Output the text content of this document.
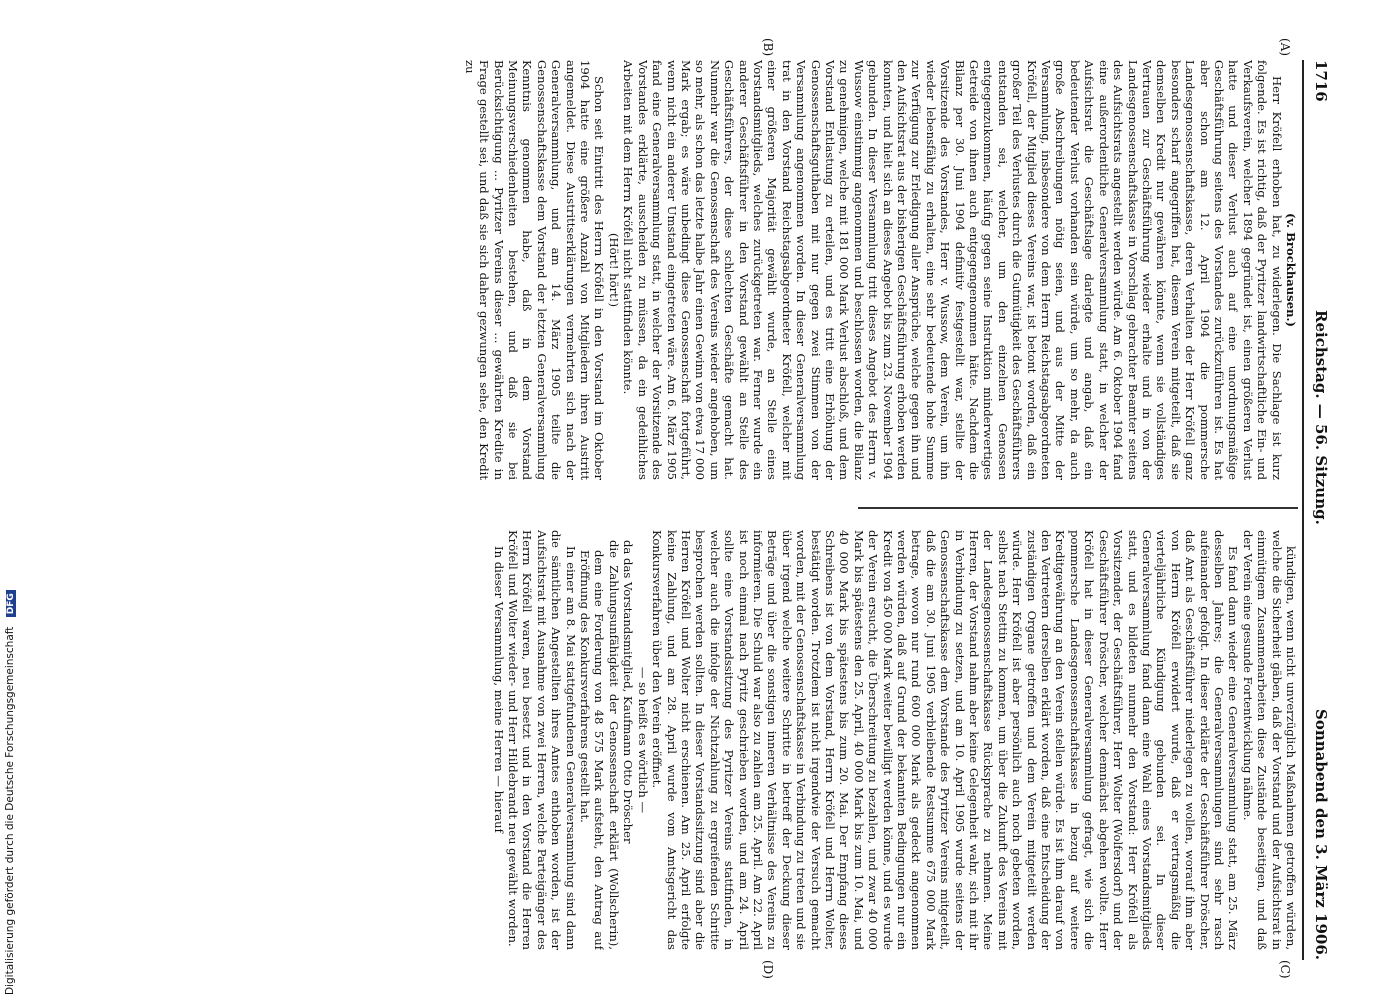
1716
Reichstag. — 56. Sitzung.
Sonnabend den 3. März 1906.
(A)
(B)
(C)
(D)

(v. Brockhausen.)

Herr Kröfell erhoben hat, zu widerlegen. Die Sachlage ist kurz folgende. Es ist richtig, daß der Pyritzer landwirtschaftliche Ein- und Verkaufsverein, welcher 1894 gegründet ist, einen größeren Verlust hatte und dieser Verlust auch auf eine unordnungsmäßige Geschäftsführung seitens des Vorstandes zurückzuführen ist. Es hat aber schon am 12. April 1904 die pommersche Landesgenossenschaftskasse, deren Verhalten der Herr Kröfell ganz besonders scharf angegriffen hat, diesem Verein mitgeteilt, daß sie demselben Kredit nur gewähren könnte, wenn sie vollständiges Vertrauen zur Geschäftsführung wieder erhalte und in von der Landesgenossenschaftskasse in Vorschlag gebrachter Beamter seitens des Aufsichtsrats angestellt werden würde. Am 6. Oktober 1904 fand eine außerordentliche Generalversammlung statt, in welcher der Aufsichtsrat die Geschäftslage darlegte und angab, daß ein bedeutender Verlust vorhanden sein würde, um so mehr, da auch große Abschreibungen nötig seien, und aus der Mitte der Versammlung, insbesondere von dem Herrn Reichstagsabgeordneten Kröfell, der Mitglied dieses Vereins war, ist betont worden, daß ein großer Teil des Verlustes durch die Gutmütigkeit des Geschäftsführers entstanden sei, welcher, um den einzelnen Genossen entgegenzukommen, häufig gegen seine Instruktion minderwertiges Getreide von ihnen auch entgegengenommen hätte. Nachdem die Bilanz per 30. Juni 1904 definitiv festgestellt war, stellte der Vorsitzende des Vorstandes, Herr v. Wussow, dem Verein, um ihn wieder lebensfähig zu erhalten, eine sehr bedeutende hohe Summe zur Verfügung zur Erledigung aller Ansprüche, welche gegen ihn und den Aufsichtsrat aus der bisherigen Geschäftsführung erhoben werden konnten, und hielt sich an dieses Angebot bis zum 23. November 1904 gebunden. In dieser Versammlung tritt dieses Angebot des Herrn v. Wussow einstimmig angenommen und beschlossen worden, die Bilanz zu genehmigen, welche mit 181 000 Mark Verlust abschloß, und dem Vorstand Entlastung zu erteilen, und es tritt eine Erhöhung der Genossenschaftsguthaben mit nur gegen zwei Stimmen von der Versammlung angenommen worden. In dieser Generalversammlung trat in den Vorstand Reichstagsabgeordneter Kröfell, welcher mit einer größeren Majorität gewählt wurde, an Stelle eines Vorstandsmitglieds, welches zurückgetreten war. Ferner wurde ein anderer Geschäftsführer in den Vorstand gewählt an Stelle des Geschäftsführers, der diese schlechten Geschäfte gemacht hat. Nunmehr war die Genossenschaft des Vereins wieder angehoben, um so mehr, als schon das letzte halbe Jahr einen Gewinn von etwa 17 000 Mark ergab; es wäre unbedingt diese Genossenschaft fortgeführt, wenn nicht ein anderer Umstand eingetreten wäre. Am 6. März 1905 fand eine Generalversammlung statt, in welcher der Vorsitzende des Vorstandes erklärte, ausscheiden zu müssen, da ein gedeihliches Arbeiten mit dem Herrn Kröfell nicht stattfinden könnte.

(Hört! hört!)

Schon seit Eintritt des Herrn Kröfell in den Vorstand im Oktober 1904 hatte eine größere Anzahl von Mitgliedern ihren Austritt angemeldet. Diese Austrittserklärungen vermehrten sich nach der Generalversammlung, und am 14. März 1905 teilte die Genossenschaftskasse dem Vorstand der letzten Generalversammlung Kenntnis genommen habe, daß in dem Vorstand Meinungsverschiedenheiten bestehen, und daß sie bei Berücksichtigung ... Pyritzer Vereins dieser ... gewährten Kredite in Frage gestellt sei, und daß sie sich daher gezwungen sehe, den Kredit zu

kündigen, wenn nicht unverzüglich Maßnahmen getroffen würden, welche die Sicherheit gäben, daß der Vorstand und der Aufsichtsrat in einmütigem Zusammenarbeiten diese Zustände beseitigen, und daß der Verein eine gesunde Fortentwicklung nähme.

Es fand dann wieder eine Generalversammlung statt, am 25. März desselben Jahres; die Generalversammlungen sind sehr rasch aufeinander gefolgt. In dieser erklärte der Geschäftsführer Dröscher, daß Amt als Geschäftsführer niederlegen zu wollen, worauf ihm aber von Herrn Kröfell erwidert wurde, daß er vertragsmäßig die vierteljährliche Kündigung gebunden sei. In dieser Generalversammlung fand dann eine Wahl eines Vorstandsmitglieds statt, und es bildeten nunmehr den Vorstand: Herr Kröfell als Vorsitzender, der Geschäftsführer, Herr Wolter (Wolfersdorf) und der Geschäftsführer Dröscher, welcher demnächst abgehen wollte. Herr Kröfell hat in dieser Generalversammlung gefragt, wie sich die pommersche Landesgenossenschaftskasse in bezug auf weitere Kreditgewährung an den Verein stellen würde. Es ist ihm darauf von den Vertretern derselben erklärt worden, daß eine Entscheidung der zuständigen Organe getroffen und dem Verein mitgeteilt werden würde. Herr Kröfell ist aber persönlich auch noch gebeten worden, selbst nach Stettin zu kommen, um über die Zukunft des Vereins mit der Landesgenossenschaftskasse Rücksprache zu nehmen. Meine Herren, der Vorstand nahm aber keine Gelegenheit wahr, sich mit ihr in Verbindung zu setzen, und am 10. April 1905 wurde seitens der Genossenschaftskasse dem Vorstande des Pyritzer Vereins mitgeteilt, daß die am 30. Juni 1905 verbleibende Restsumme 675 000 Mark betrage, wovon nur rund 600 000 Mark als gedeckt angenommen werden würden, daß auf Grund der bekannten Bedingungen nur ein Kredit von 450 000 Mark weiter bewilligt werden könne, und es wurde der Verein ersucht, die Überschreitung zu bezahlen, und zwar 40 000 Mark bis spätestens den 25. April, 40 000 Mark bis zum 10. Mai, und 40 000 Mark bis spätestens bis zum 20. Mai. Der Empfang dieses Schreibens ist von dem Vorstand, Herrn Kröfell und Herrn Wolter, bestätigt worden. Trotzdem ist nicht irgendwie der Versuch gemacht worden, mit der Genossenschaftskasse in Verbindung zu treten und sie über irgend welche weitere Schritte in betreff der Deckung dieser Beträge und über die sonstigen inneren Verhältnisse des Vereins zu informieren. Die Schuld war also zu zahlen am 25. April. Am 22. April ist noch einmal nach Pyritz geschrieben worden, und am 24. April sollte eine Vorstandssitzung des Pyritzer Vereins stattfinden, in welcher auch die infolge der Nichtzahlung zu ergreifenden Schritte besprochen werden sollten. In dieser Vorstandssitzung sind aber die Herren Kröfell und Wolter nicht erschienen. Am 25. April erfolgte keine Zahlung, und am 28. April wurde vom Amtsgericht das Konkursverfahren über den Verein eröffnet.

— so heißt es wörtlich —

da das Vorstandsmitglied, Kaufmann Otto Dröscher

die Zahlungsunfähigkeit der Genossenschaft erklärt (Wollscherin), dem eine Forderung von 48 575 Mark aufsteht, den Antrag auf Eröffnung des Konkursverfahrens gestellt hat.

In einer am 8. Mai stattgefundenen Generalversammlung sind dann die sämtlichen Angestellten ihres Amtes enthoben worden, ist der Aufsichtsrat mit Ausnahme von zwei Herren, welche Parteigänger des Herrn Kröfell waren, neu besetzt und in den Vorstand die Herren Kröfell und Wolter wieder- und Herr Hildebrandt neu gewählt worden.

In dieser Versammlung, meine Herren — hierauf

Digitalisierung gefördert durch die Deutsche Forschungsgemeinschaft DFG
